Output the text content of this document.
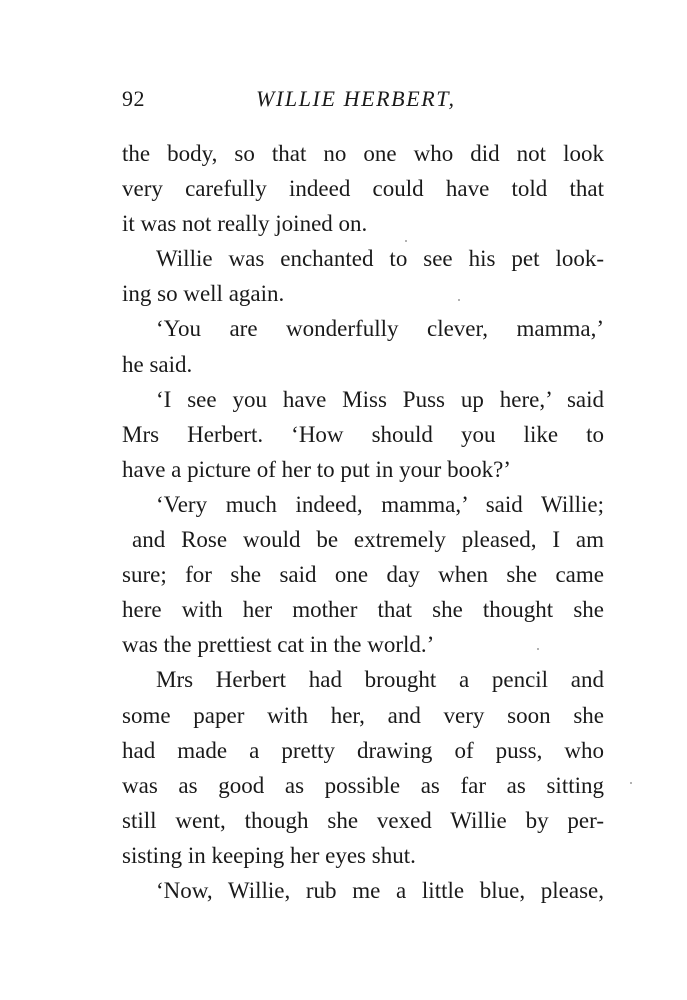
92	WILLIE HERBERT,
the body, so that no one who did not look
very carefully indeed could have told that
it was not really joined on.
Willie was enchanted to see his pet look-
ing so well again.
‘You are wonderfully clever, mamma,’
he said.
‘I see you have Miss Puss up here,’ said
Mrs Herbert. ‘How should you like to
have a picture of her to put in your book?’
‘Very much indeed, mamma,’ said Willie;
and Rose would be extremely pleased, I am
sure; for she said one day when she came
here with her mother that she thought she
was the prettiest cat in the world.’
Mrs Herbert had brought a pencil and
some paper with her, and very soon she
had made a pretty drawing of puss, who
was as good as possible as far as sitting
still went, though she vexed Willie by per-
sisting in keeping her eyes shut.
‘Now, Willie, rub me a little blue, please,
